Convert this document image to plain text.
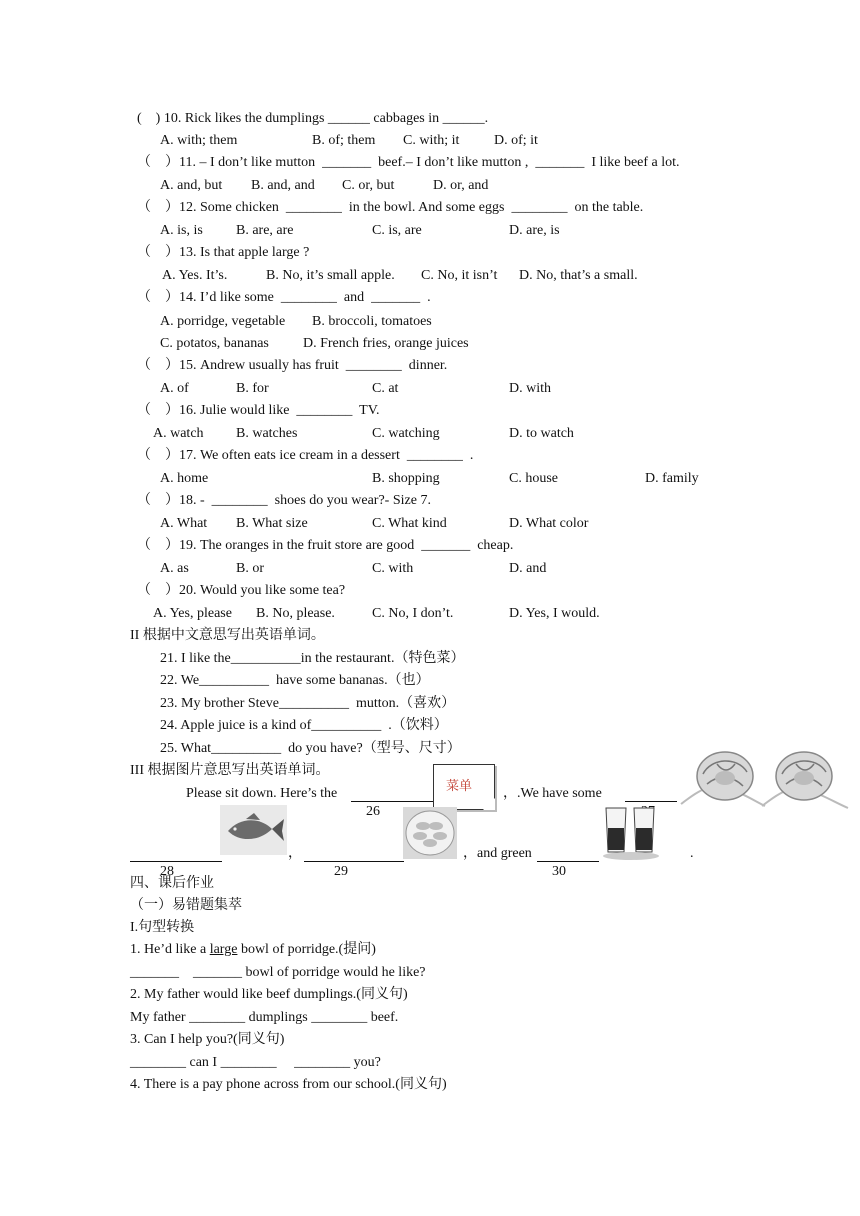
(    ) 10. Rick likes the dumplings ______ cabbages in ______.
A. with; them	B. of; them C. with; it D. of; it
（    ）11. – I don’t like mutton  _______  beef.– I don’t like mutton ,  _______  I like beef a lot.
A. and, but B. and, and C. or, but	D. or, and
（    ）12. Some chicken  ________  in the bowl. And some eggs  ________  on the table.
A. is, is B. are, are	C. is, are	D. are, is
（    ）13. Is that apple large ?
A. Yes. It’s.	B. No, it’s small apple. C. No, it isn’t D. No, that’s a small.
（    ）14. I’d like some  ________  and  _______  .
A. porridge, vegetable B. broccoli, tomatoes
C. potatos, bananas D. French fries, orange juices
（    ）15. Andrew usually has fruit  ________  dinner.
A. of	B. for	C. at	D. with
（    ）16. Julie would like  ________  TV.
A. watch B. watches	C. watching	D. to watch
（    ）17. We often eats ice cream in a dessert  ________  .
A. home	B. shopping	C. house	D. family
（    ）18. -  ________  shoes do you wear?- Size 7.
A. What B. What size	C. What kind	D. What color
（    ）19. The oranges in the fruit store are good  _______  cheap.
A. as	B. or	C. with	D. and
（    ）20. Would you like some tea?
A. Yes, please B. No, please.	C. No, I don’t.	D. Yes, I would.
II 根据中文意思写出英语单词。
21. I like the__________in the restaurant.（特色菜）
22. We__________  have some bananas.（也）
23. My brother Steve__________  mutton.（喜欢）
24. Apple juice is a kind of__________  .（饮料）
25. What__________  do you have?（型号、尺寸）
III 根据图片意思写出英语单词。
Please sit down. Here’s the

26

菜单 ，.We have some

28

，

29

，and green

30

.
四、课后作业
（一）易错题集萃
I.句型转换
1. He’d like a large bowl of porridge.(提问)
_______    _______ bowl of porridge would he like?
2. My father would like beef dumplings.(同义句)
My father ________ dumplings ________ beef.
3. Can I help you?(同义句)
________ can I ________     ________ you?
4. There is a pay phone across from our school.(同义句)
